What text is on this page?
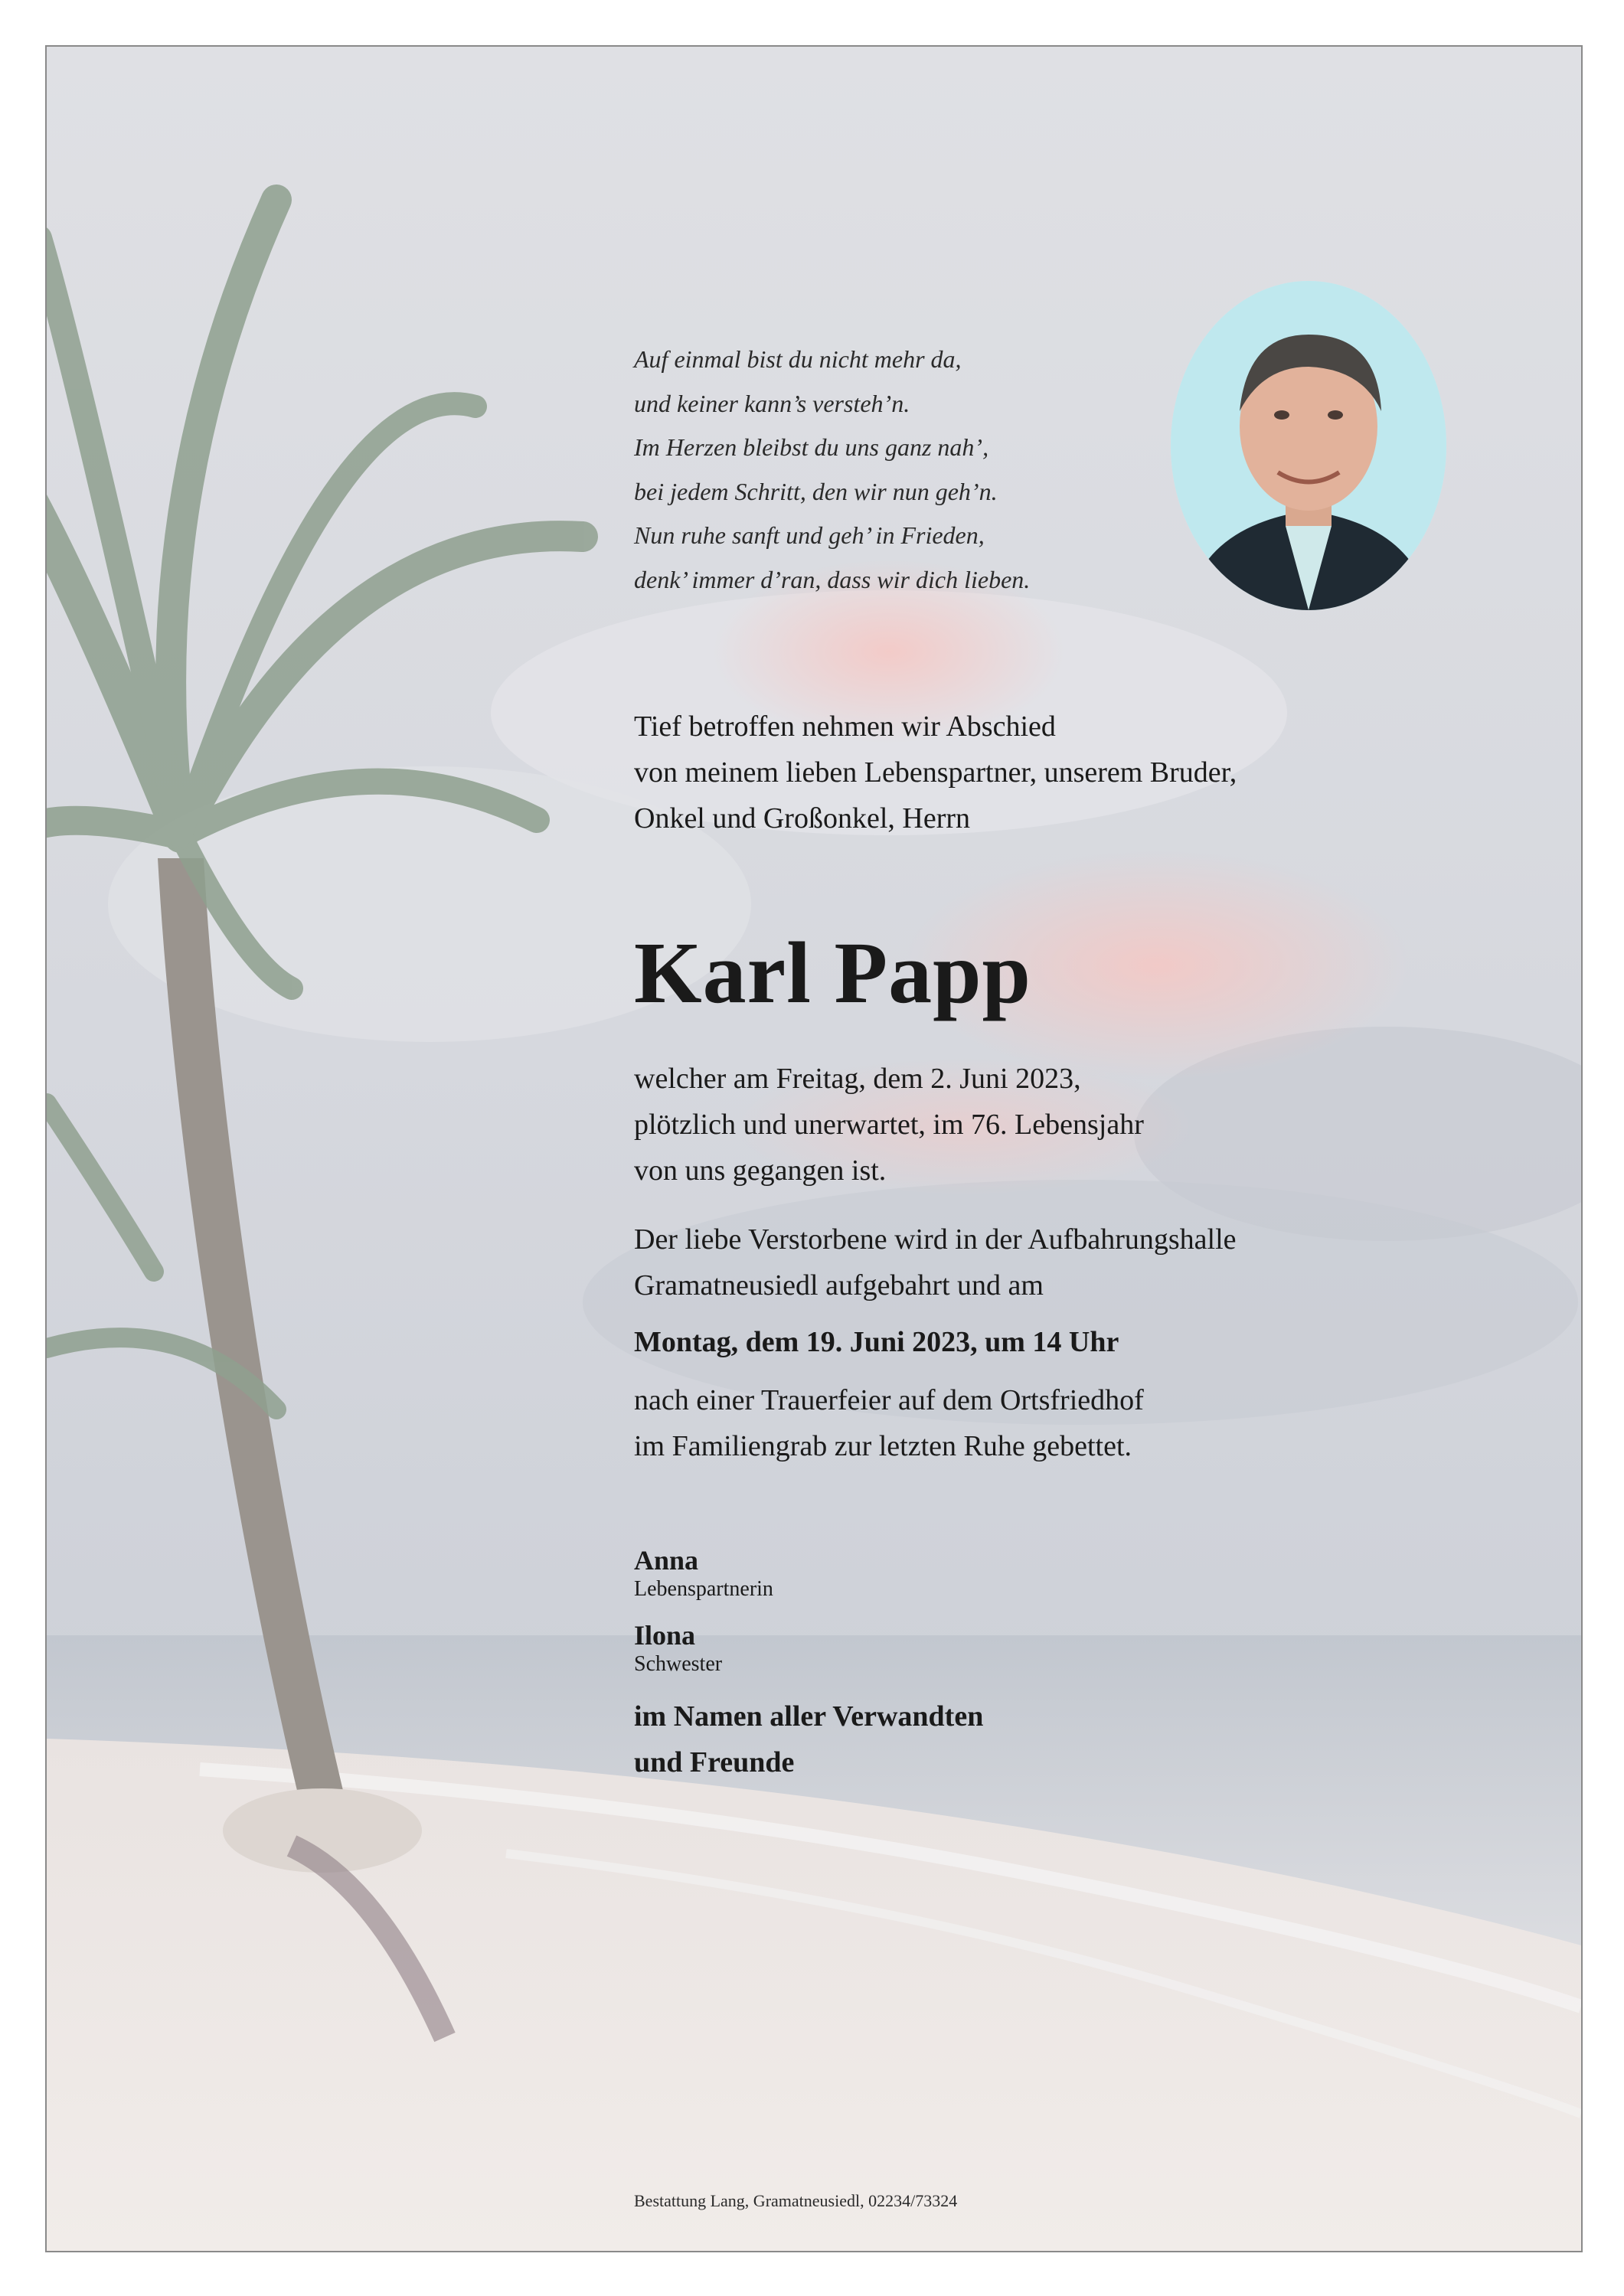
Auf einmal bist du nicht mehr da,
und keiner kann’s versteh’n.
Im Herzen bleibst du uns ganz nah’,
bei jedem Schritt, den wir nun geh’n.
Nun ruhe sanft und geh’ in Frieden,
denk’ immer d’ran, dass wir dich lieben.
Tief betroffen nehmen wir Abschied
von meinem lieben Lebenspartner, unserem Bruder,
Onkel und Großonkel, Herrn
Karl Papp
welcher am Freitag, dem 2. Juni 2023,
plötzlich und unerwartet, im 76. Lebensjahr
von uns gegangen ist.
Der liebe Verstorbene wird in der Aufbahrungshalle
Gramatneusiedl aufgebahrt und am
Montag, dem 19. Juni 2023, um 14 Uhr
nach einer Trauerfeier auf dem Ortsfriedhof
im Familiengrab zur letzten Ruhe gebettet.
Anna
Lebenspartnerin
Ilona
Schwester
im Namen aller Verwandten
und Freunde
Bestattung Lang, Gramatneusiedl, 02234/73324
